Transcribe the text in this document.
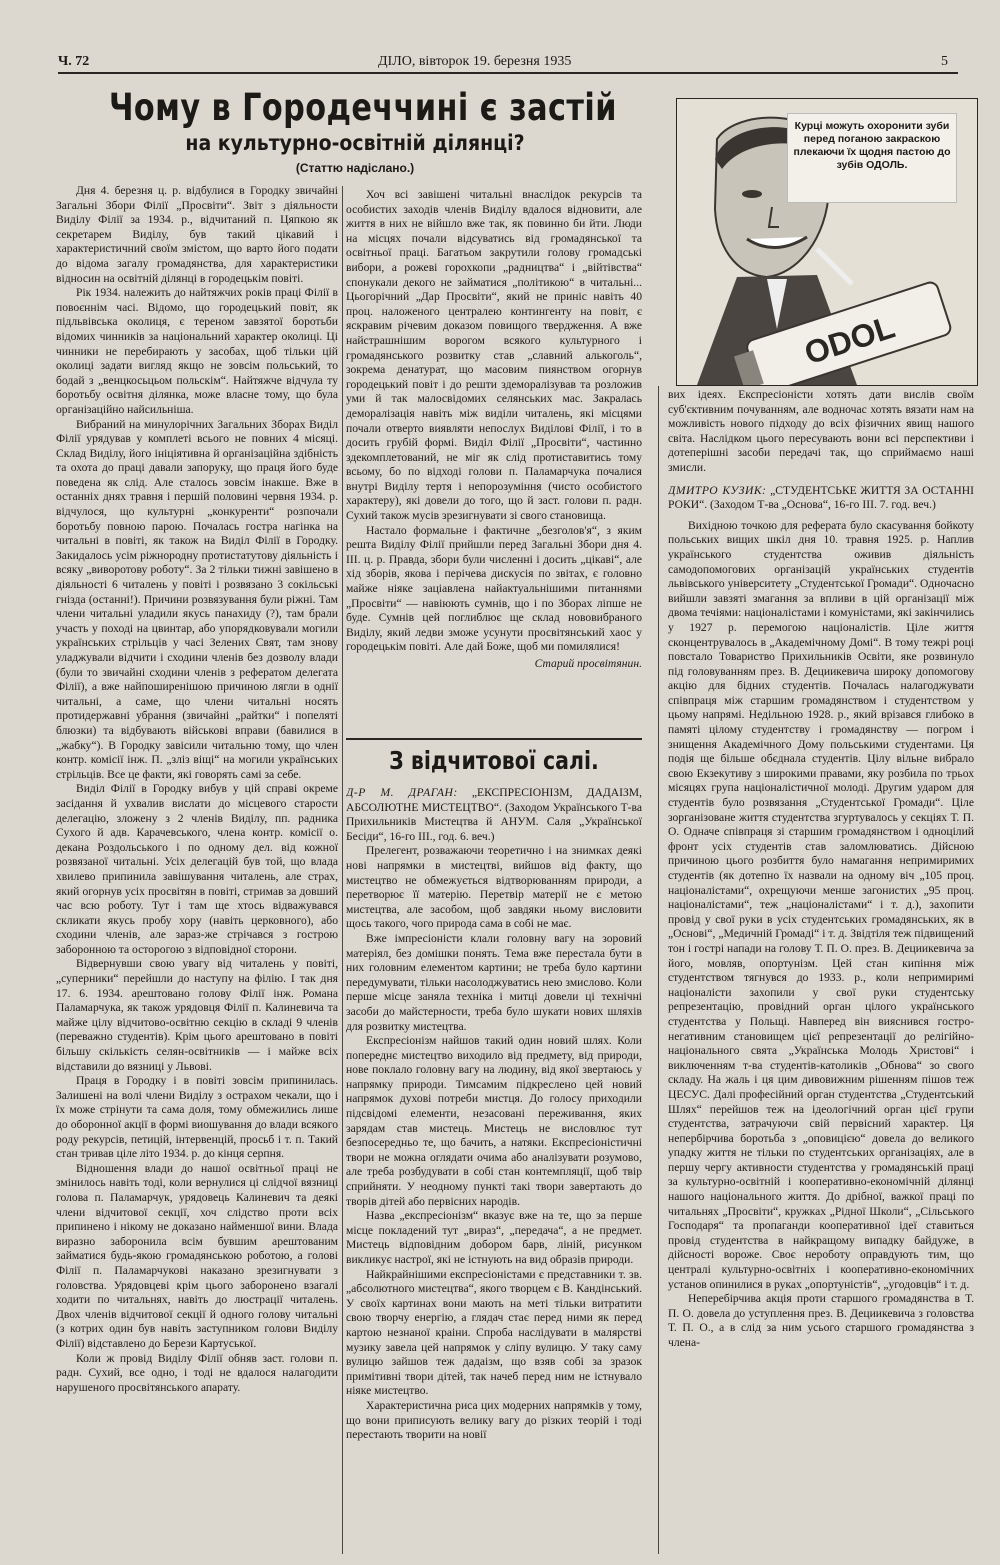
Ч. 72	ДІЛО, вівторок 19. березня 1935	5
Чому в Городеччині є застій
на культурно-освітній ділянці?
(Статтю надіслано.)

Дня 4. березня ц. р. відбулися в Городку звичайні Загальні Збори Філії „Просвіти“. Звіт з діяльности Виділу Філії за 1934. р., відчитаний п. Цяпкою як секретарем Виділу, був такий цікавий і характеристичний своїм змістом, що варто його подати до відома загалу громадянства, для характеристики відносин на освітній ділянці в городецькім повіті.

Рік 1934. належить до найтяжчих років праці Філії в повоєннім часі. Відомо, що городецький повіт, як підльвівська околиця, є тереном завзятої боротьби відомих чинників за національний характер околиці. Ці чинники не перебирають у засобах, щоб тільки цій околиці задати вигляд якщо не зовсім польський, то бодай з „венцкосьцьом польскім“. Найтяжче відчула ту боротьбу освітня ділянка, може власне тому, що була організаційно найсильніша.

Вибраний на минулорічних Загальних Зборах Виділ Філії урядував у комплеті всього не повних 4 місяці. Склад Виділу, його ініціятивна й організаційна здібність та охота до праці давали запоруку, що праця його буде поведена як слід. Але сталось зовсім інакше. Вже в останніх днях травня і першій половині червня 1934. р. відчулося, що культурні „конкуренти“ розпочали боротьбу повною парою. Почалась гостра нагінка на читальні в повіті, як також на Виділ Філії в Городку. Закидалось усім ріжнородну протистатутову діяльність і всяку „виворотову роботу“. За 2 тільки тижні завішено в діяльності 6 читалень у повіті і розвязано 3 сокільські гнізда (останні!). Причини розвязування були ріжні. Там члени читальні уладили якусь панахиду (?), там брали участь у поході на цвинтар, або упорядковували могили українських стрільців у часі Зелених Свят, там знову уладжували відчити і сходини членів без дозволу влади (були то звичайні сходини членів з рефератом делегата Філії), а вже найпоширенішою причиною лягли в однії читальні, а саме, що члени читальні носять протидержавні убрання (звичайні „райтки“ і попеляті блюзки) та відбувають військові вправи (бавилися в „жабку“). В Городку завісили читальню тому, що член контр. комісії інж. П. „зліз віщі“ на могили українських стрільців. Все це факти, які говорять самі за себе.

Виділ Філії в Городку вибув у цій справі окреме засідання й ухвалив вислати до місцевого старости делегацію, зложену з 2 членів Виділу, пп. радника Сухого й адв. Карачевського, члена контр. комісії о. декана Роздольського і по одному дел. від кожної розвязаної читальні. Усіх делегацій був той, що влада хвилево припинила завішування читалень, але страх, який огорнув усіх просвітян в повіті, стримав за довший час всю роботу. Тут і там ще хтось відважувався скликати якусь пробу хору (навіть церковного), або сходини членів, але зараз-же стрічався з гострою заборонною та осторогою з відповідної сторони.

Відвернувши свою увагу від читалень у повіті, „суперники“ перейшли до наступу на філію. І так дня 17. 6. 1934. арештовано голову Філії інж. Романа Паламарчука, як також урядовця Філії п. Калиневича та майже цілу відчитово-освітню секцію в складі 9 членів (переважно студентів). Крім цього арештовано в повіті більшу скількість селян-освітників — і майже всіх відставили до вязниці у Львові.

Праця в Городку і в повіті зовсім припинилась. Залишені на волі члени Виділу з острахом чекали, що і їх може стрінути та сама доля, тому обмежились лише до оборонної акції в формі виошування до влади всякого роду рекурсів, петицій, інтервенцій, просьб і т. п. Такий стан тривав ціле літо 1934. р. до кінця серпня.

Відношення влади до нашої освітньої праці не змінилось навіть тоді, коли вернулися ці слідчої вязниці голова п. Паламарчук, урядовець Калиневич та деякі члени відчитової секції, хоч слідство проти всіх припинено і нікому не доказано найменшої вини. Влада виразно заборонила всім бувшим арештованим займатися будь-якою громадянською роботою, а голові Філії п. Паламарчукові наказано зрезигнувати з головства. Урядовцеві крім цього заборонено взагалі ходити по читальнях, навіть до люстрації читалень. Двох членів відчитової секції й одного голову читальні (з котрих один був навіть заступником голови Виділу Філії) відставлено до Берези Картуської.

Коли ж провід Виділу Філії обняв заст. голови п. радн. Сухий, все одно, і тоді не вдалося налагодити нарушеного просвітянського апарату.

Хоч всі завішені читальні внаслідок рекурсів та особистих заходів членів Виділу вдалося відновити, але життя в них не війшло вже так, як повинно би йти. Люди на місцях почали відсуватись від громадянської та освітньої праці. Багатьом закрутили голову громадські вибори, а рожеві горохкопи „радництва“ і „війтівства“ спонукали декого не займатися „політикою“ в читальні... Цьогорічний „Дар Просвіти“, який не приніс навіть 40 проц. наложеного централею контингенту на повіт, є яскравим річевим доказом повищого твердження. А вже найстрашнішим ворогом всякого культурного і громадянського розвитку став „славний алькоголь“, зокрема денатурат, що масовим пиянством огорнув городецький повіт і до решти здеморалізував та розложив уми й так малосвідомих селянських мас. Закралась деморалізація навіть між виділи читалень, які місцями почали отверто виявляти непослух Виділові Філії, і то в досить грубій формі. Виділ Філії „Просвіти“, частинно здекомплетований, не міг як слід протиставитись тому всьому, бо по відході голови п. Паламарчука почалися внутрі Виділу тертя і непорозуміння (чисто особистого характеру), які довели до того, що й заст. голови п. радн. Сухий також мусів зрезигнувати зі свого становища.

Настало формальне і фактичне „безголов'я“, з яким решта Виділу Філії прийшли перед Загальні Збори дня 4. III. ц. р. Правда, збори були численні і досить „цікаві“, але хід зборів, якова і перічева дискусія по звітах, є головно майже ніяке заціавлена найактуальнішими питаннями „Просвіти“ — навіюють сумнів, що і по Зборах ліпше не буде. Сумнів цей поглиблює ще склад нововибраного Виділу, який ледви зможе усунути просвітянський хаос у городецькім повіті. Але дай Боже, щоб ми помилялися!

Старий просвітянин.
З відчитової салі.

Д-Р М. ДРАГАН: „ЕКСПРЕСІОНІЗМ, ДАДАІЗМ, АБСОЛЮТНЕ МИСТЕЦТВО“. (Заходом Українського Т-ва Прихильників Мистецтва й АНУМ. Саля „Української Бесіди“, 16-го III., год. 6. веч.)

Прелегент, розважаючи теоретично і на знимках деякі нові напрямки в мистецтві, вийшов від факту, що мистецтво не обмежується відтворюванням природи, а перетворює її матерію. Перетвір матерії не є метою мистецтва, але засобом, щоб завдяки ньому висловити щось такого, чого природа сама в собі не має.

Вже імпресіоністи клали головну вагу на зоровий матеріял, без домішки понять. Тема вже перестала бути в них головним елементом картини; не треба було картини передумувати, тільки насолоджуватись нею змислово. Коли перше місце заняла техніка і митці довели ці технічні засоби до майстерности, треба було шукати нових шляхів для розвитку мистецтва.

Експресіонізм найшов такий один новий шлях. Коли попереднє мистецтво виходило від предмету, від природи, нове поклало головну вагу на людину, від якої звертаюсь у напрямку природи. Тимсамим підкреслено цей новий напрямок духові потреби мистця. До голосу приходили підсвідомі елементи, незасовані переживання, яких зарядам став мистець. Мистець не висловлює тут безпосередньо те, що бачить, а натяки. Експресіоністичні твори не можна оглядати очима або аналізувати розумово, але треба розбудувати в собі стан контемпляції, щоб твір сприйняти. У неодному пункті такі твори завертають до творів дітей або первісних народів.

Назва „експресіонізм“ вказує вже на те, що за перше місце покладений тут „вираз“, „передача“, а не предмет. Мистець відповідним добором барв, ліній, рисунком викликує настрої, які не істнують на вид образів природи.

Найкрайнішими експресіоністами є представники т. зв. „абсолютного мистецтва“, якого творцем є В. Кандінський. У своїх картинах вони мають на меті тільки витратити свою творчу енергію, а глядач стає перед ними як перед картою незнаної краіни. Спроба наслідувати в малярстві музику завела цей напрямок у сліпу вулицю. У таку саму вулицю зайшов теж дадаізм, що взяв собі за зразок примітивні твори дітей, так начеб перед ним не істнувало ніяке мистецтво.

Характеристична риса цих модерних напрямків у тому, що вони приписують велику вагу до різких теорій і тоді перестають творити на новії

ODOL
Курці можуть охоронити зуби перед поганою закраскою плекаючи їх щодня пастою до зубів ОДОЛЬ.

вих ідеях. Експресіоністи хотять дати вислів своїм суб'єктивним почуванням, але водночас хотять вязати нам на можливість нового підходу до всіх фізичних явищ нашого світа. Наслідком цього пересувають вони всі перспективи і дотеперішні засоби передачі так, що сприймаємо наші змисли.

ДМИТРО КУЗИК: „СТУДЕНТСЬКЕ ЖИТТЯ ЗА ОСТАННІ РОКИ“. (Заходом Т-ва „Основа“, 16-го III. 7. год. веч.)

Вихідною точкою для реферата було скасування бойкоту польських вищих шкіл дня 10. травня 1925. р. Наплив українського студентства оживив діяльність самодопомогових організацій українських студентів львівського університету „Студентської Громади“. Одночасно вийшли завзяті змагання за впливи в цій організації між двома течіями: націоналістами і комуністами, які закінчились у 1927 р. перемогою націоналістів. Ціле життя сконцентрувалось в „Академічному Домі“. В тому тежрі році повстало Товариство Прихильників Освіти, яке розвинуло під головуванням през. В. Дециикевича широку допомогову акцію для бідних студентів. Почалась налагоджувати співпраця між старшим громадянством і студентством у цьому напрямі. Недільною 1928. р., який врізався глибоко в памяті цілому студентству і громадянству — погром і знищення Академічного Дому польськими студентами. Ця подія ще більше обєднала студентів. Цілу вільне вибрало свою Екзекутиву з широкими правами, яку розбила по трьох місяцях група націоналістичної молоді. Другим ударом для студентів було розвязання „Студентської Громади“. Ціле зорганізоване життя студентства згуртувалось у секціях Т. П. О. Одначе співпраця зі старшим громадянством і одноцілий фронт усіх студентів став заломлюватись. Дійсною причиною цього розбиття було намагання непримиримих студентів (як дотепно їх назвали на одному віч „105 проц. націоналістами“, охрещуючи менше загонистих „95 проц. націоналістами“, теж „націоналістами“ і т. д.), захопити провід у свої руки в усіх студентських громадянських, як в „Основі“, „Медичній Громаді“ і т. д. Звідтіля теж підвищений тон і гострі напади на голову Т. П. О. през. В. Дециикевича за його, мовляв, опортунізм. Цей стан кипіння між студентством тягнувся до 1933. р., коли непримиримі націоналісти захопили у свої руки студентську репрезентацію, провідний орган цілого українського студентства у Польщі. Навперед він вияснився гостро-негативним становищем цієї репрезентації до релігійно-національного свята „Українська Молодь Христові“ і виключенням т-ва студентів-католиків „Обнова“ зо свого складу. На жаль і ця цим дивовижним рішенням пішов теж ЦЕСУС. Далі професійний орган студентства „Студентський Шлях“ перейшов теж на ідеологічний орган цієї групи студентства, затрачуючи свій первісний характер. Ця непербірчива боротьба з „оповицією“ довела до великого упадку життя не тільки по студентських організаціях, але в першу чергу активности студентства у громадянській праці за культурно-освітній і кооперативно-економічній ділянці нашого національного життя. До дрібної, важкої праці по читальнях „Просвіти“, кружках „Рідної Школи“, „Сільського Господаря“ та пропаганди кооперативної ідеї ставиться провід студентства в найкращому випадку байдуже, в дійсності вороже. Своє нероботу оправдують тим, що централі культурно-освітніх і кооперативно-економічних установ опинилися в руках „опортуністів“, „угодовців“ і т. д.

Неперебірчива акція проти старшого громадянства в Т. П. О. довела до уступлення през. В. Дециикевича з головства Т. П. О., а в слід за ним усього старшого громадянства з члена-
